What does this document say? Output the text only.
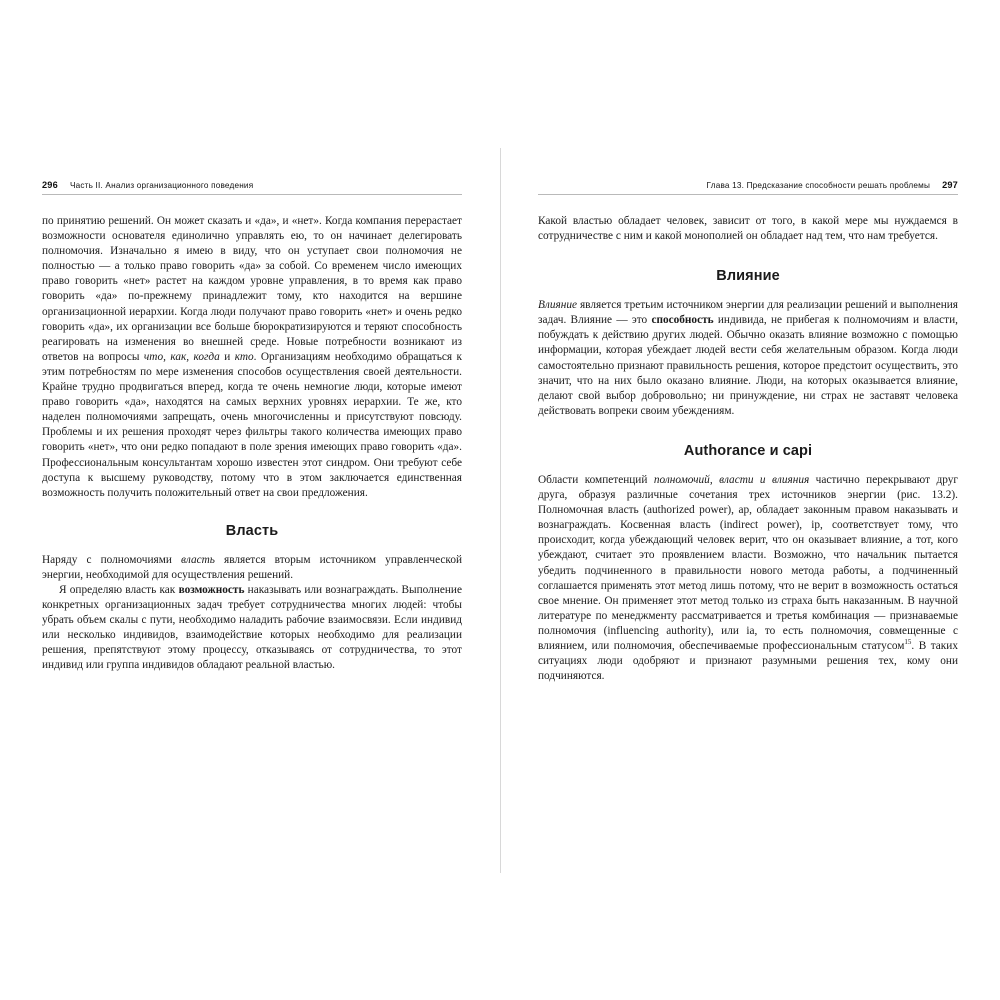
296 Часть II. Анализ организационного поведения

по принятию решений. Он может сказать и «да», и «нет». Когда компания перерастает возможности основателя единолично управлять ею, то он начинает делегировать полномочия. Изначально я имею в виду, что он уступает свои полномочия не полностью — а только право говорить «да» за собой. Со временем число имеющих право говорить «нет» растет на каждом уровне управления, в то время как право говорить «да» по-прежнему принадлежит тому, кто находится на вершине организационной иерархии. Когда люди получают право говорить «нет» и очень редко говорить «да», их организации все больше бюрократизируются и теряют способность реагировать на изменения во внешней среде. Новые потребности возникают из ответов на вопросы что, как, когда и кто. Организациям необходимо обращаться к этим потребностям по мере изменения способов осуществления своей деятельности. Крайне трудно продвигаться вперед, когда те очень немногие люди, которые имеют право говорить «да», находятся на самых верхних уровнях иерархии. Те же, кто наделен полномочиями запрещать, очень многочисленны и присутствуют повсюду. Проблемы и их решения проходят через фильтры такого количества имеющих право говорить «нет», что они редко попадают в поле зрения имеющих право говорить «да». Профессиональным консультантам хорошо известен этот синдром. Они требуют себе доступа к высшему руководству, потому что в этом заключается единственная возможность получить положительный ответ на свои предложения.

Власть

Наряду с полномочиями власть является вторым источником управленческой энергии, необходимой для осуществления решений.

Я определяю власть как возможность наказывать или вознаграждать. Выполнение конкретных организационных задач требует сотрудничества многих людей: чтобы убрать объем скалы с пути, необходимо наладить рабочие взаимосвязи. Если индивид или несколько индивидов, взаимодействие которых необходимо для реализации решения, препятствуют этому процессу, отказываясь от сотрудничества, то этот индивид или группа индивидов обладают реальной властью.

Глава 13. Предсказание способности решать проблемы 297

Какой властью обладает человек, зависит от того, в какой мере мы нуждаемся в сотрудничестве с ним и какой монополией он обладает над тем, что нам требуется.

Влияние

Влияние является третьим источником энергии для реализации решений и выполнения задач. Влияние — это способность индивида, не прибегая к полномочиям и власти, побуждать к действию других людей. Обычно оказать влияние возможно с помощью информации, которая убеждает людей вести себя желательным образом. Когда люди самостоятельно признают правильность решения, которое предстоит осуществить, это значит, что на них было оказано влияние. Люди, на которых оказывается влияние, делают свой выбор добровольно; ни принуждение, ни страх не заставят человека действовать вопреки своим убеждениям.

Authorance и capi

Области компетенций полномочий, власти и влияния частично перекрывают друг друга, образуя различные сочетания трех источников энергии (рис. 13.2). Полномочная власть (authorized power), ар, обладает законным правом наказывать и вознаграждать. Косвенная власть (indirect power), ip, соответствует тому, что происходит, когда убеждающий человек верит, что он оказывает влияние, а тот, кого убеждают, считает это проявлением власти. Возможно, что начальник пытается убедить подчиненного в правильности нового метода работы, а подчиненный соглашается применять этот метод лишь потому, что не верит в возможность остаться свое мнение. Он применяет этот метод только из страха быть наказанным. В научной литературе по менеджменту рассматривается и третья комбинация — признаваемые полномочия (influencing authority), или ia, то есть полномочия, совмещенные с влиянием, или полномочия, обеспечиваемые профессиональным статусом$^{15}$. В таких ситуациях люди одобряют и признают разумными решения тех, кому они подчиняются.
